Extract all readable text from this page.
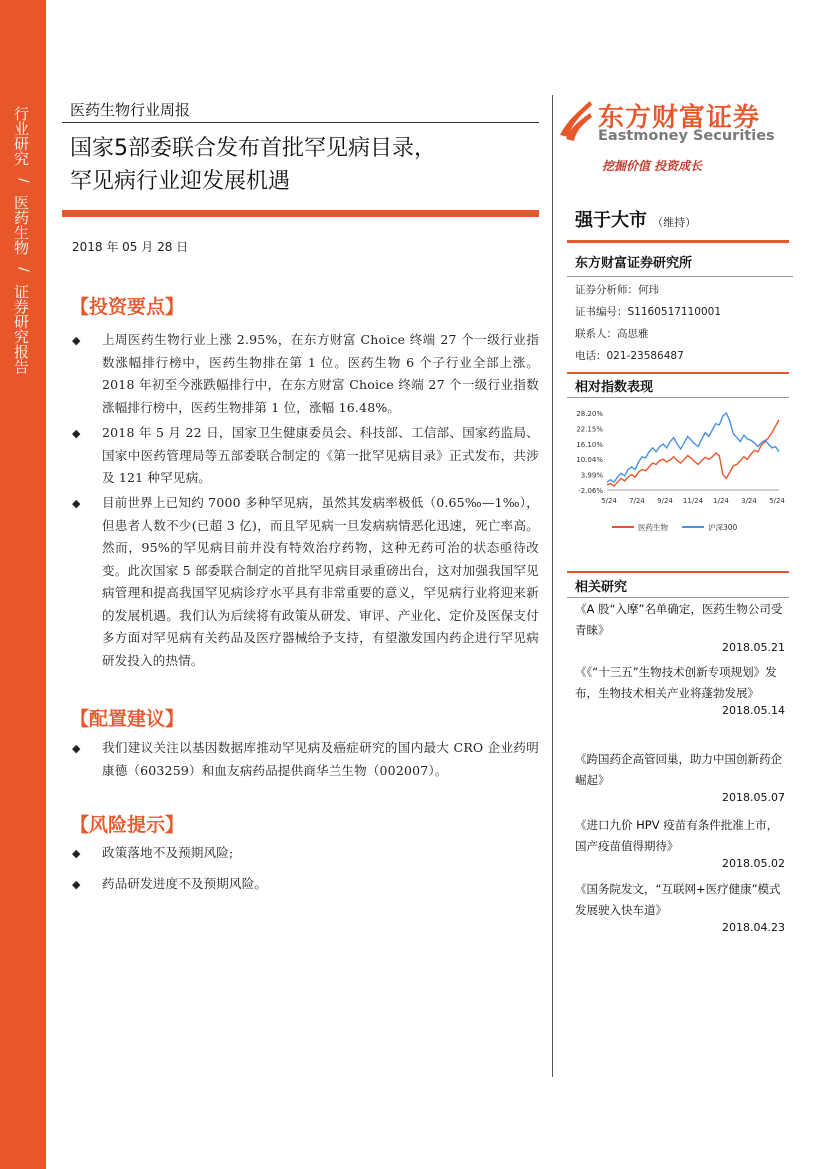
行业研究
/
医药生物
/
证券研究报告
医药生物行业周报
国家5部委联合发布首批罕见病目录，
罕见病行业迎发展机遇
2018 年 05 月 28 日
【投资要点】
◆ 上周医药生物行业上涨 2.95%，在东方财富 Choice 终端 27 个一级行业指数涨幅排行榜中，医药生物排在第 1 位。医药生物 6 个子行业全部上涨。2018 年初至今涨跌幅排行中，在东方财富 Choice 终端 27 个一级行业指数涨幅排行榜中，医药生物排第 1 位，涨幅 16.48%。
◆ 2018 年 5 月 22 日，国家卫生健康委员会、科技部、工信部、国家药监局、国家中医药管理局等五部委联合制定的《第一批罕见病目录》正式发布，共涉及 121 种罕见病。
◆ 目前世界上已知约 7000 多种罕见病，虽然其发病率极低（0.65‰—1‰），但患者人数不少(已超 3 亿)，而且罕见病一旦发病病情恶化迅速，死亡率高。然而，95%的罕见病目前并没有特效治疗药物，这种无药可治的状态亟待改变。此次国家 5 部委联合制定的首批罕见病目录重磅出台，这对加强我国罕见病管理和提高我国罕见病诊疗水平具有非常重要的意义，罕见病行业将迎来新的发展机遇。我们认为后续将有政策从研发、审评、产业化、定价及医保支付多方面对罕见病有关药品及医疗器械给予支持，有望激发国内药企进行罕见病研发投入的热情。
【配置建议】
◆ 我们建议关注以基因数据库推动罕见病及癌症研究的国内最大 CRO 企业药明康德（603259）和血友病药品提供商华兰生物（002007）。
【风险提示】
◆ 政策落地不及预期风险;
◆ 药品研发进度不及预期风险。
东方财富证券
Eastmoney Securities
挖掘价值 投资成长
强于大市 （维持）
东方财富证券研究所
证券分析师：何玮
证书编号：S1160517110001
联系人：高思雅
电话：021-23586487
相对指数表现
28.20%
22.15%
16.10%
10.04%
3.99%
-2.06%
5/24 7/24 9/24 11/24 1/24 3/24 5/24
医药生物	沪深300
相关研究
《A 股“入摩”名单确定，医药生物公司受青睐》
2018.05.21
《《“十三五”生物技术创新专项规划》发布，生物技术相关产业将蓬勃发展》
2018.05.14
《跨国药企高管回巢，助力中国创新药企崛起》
2018.05.07
《进口九价 HPV 疫苗有条件批准上市，国产疫苗值得期待》
2018.05.02
《国务院发文，“互联网+医疗健康”模式发展驶入快车道》
2018.04.23
